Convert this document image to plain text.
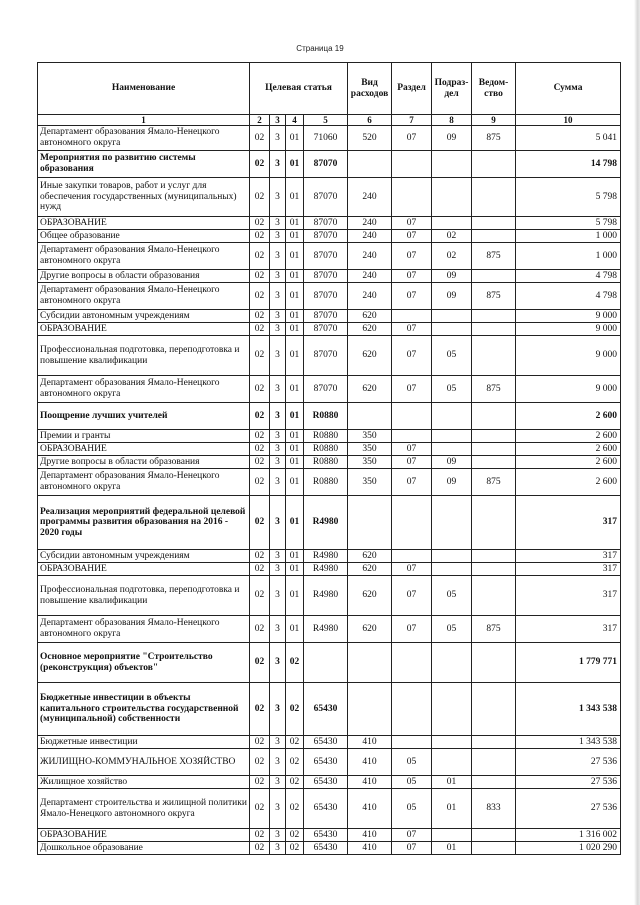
Страница 19
Наименование	Целевая статья				Вид расходов	Раздел	Подраз-дел	Ведом-ство	Сумма
1	2	3	4	5	6	7	8	9	10
Департамент образования Ямало-Ненецкого автономного округа	02	3	01	71060	520	07	09	875	5 041
Мероприятия по развитию системы образования	02	3	01	87070					14 798
Иные закупки товаров, работ и услуг для обеспечения государственных (муниципальных) нужд	02	3	01	87070	240				5 798
ОБРАЗОВАНИЕ	02	3	01	87070	240	07			5 798
Общее образование	02	3	01	87070	240	07	02		1 000
Департамент образования Ямало-Ненецкого автономного округа	02	3	01	87070	240	07	02	875	1 000
Другие вопросы в области образования	02	3	01	87070	240	07	09		4 798
Департамент образования Ямало-Ненецкого автономного округа	02	3	01	87070	240	07	09	875	4 798
Субсидии автономным учреждениям	02	3	01	87070	620				9 000
ОБРАЗОВАНИЕ	02	3	01	87070	620	07			9 000
Профессиональная подготовка, переподготовка и повышение квалификации	02	3	01	87070	620	07	05		9 000
Департамент образования Ямало-Ненецкого автономного округа	02	3	01	87070	620	07	05	875	9 000
Поощрение лучших учителей	02	3	01	R0880					2 600
Премии и гранты	02	3	01	R0880	350				2 600
ОБРАЗОВАНИЕ	02	3	01	R0880	350	07			2 600
Другие вопросы в области образования	02	3	01	R0880	350	07	09		2 600
Департамент образования Ямало-Ненецкого автономного округа	02	3	01	R0880	350	07	09	875	2 600
Реализация мероприятий федеральной целевой программы развития образования на 2016 - 2020 годы	02	3	01	R4980					317
Субсидии автономным учреждениям	02	3	01	R4980	620				317
ОБРАЗОВАНИЕ	02	3	01	R4980	620	07			317
Профессиональная подготовка, переподготовка и повышение квалификации	02	3	01	R4980	620	07	05		317
Департамент образования Ямало-Ненецкого автономного округа	02	3	01	R4980	620	07	05	875	317
Основное мероприятие "Строительство (реконструкция) объектов"	02	3	02						1 779 771
Бюджетные инвестиции в объекты капитального строительства государственной (муниципальной) собственности	02	3	02	65430					1 343 538
Бюджетные инвестиции	02	3	02	65430	410				1 343 538
ЖИЛИЩНО-КОММУНАЛЬНОЕ ХОЗЯЙСТВО	02	3	02	65430	410	05			27 536
Жилищное хозяйство	02	3	02	65430	410	05	01		27 536
Департамент строительства и жилищной политики Ямало-Ненецкого автономного округа	02	3	02	65430	410	05	01	833	27 536
ОБРАЗОВАНИЕ	02	3	02	65430	410	07			1 316 002
Дошкольное образование	02	3	02	65430	410	07	01		1 020 290
